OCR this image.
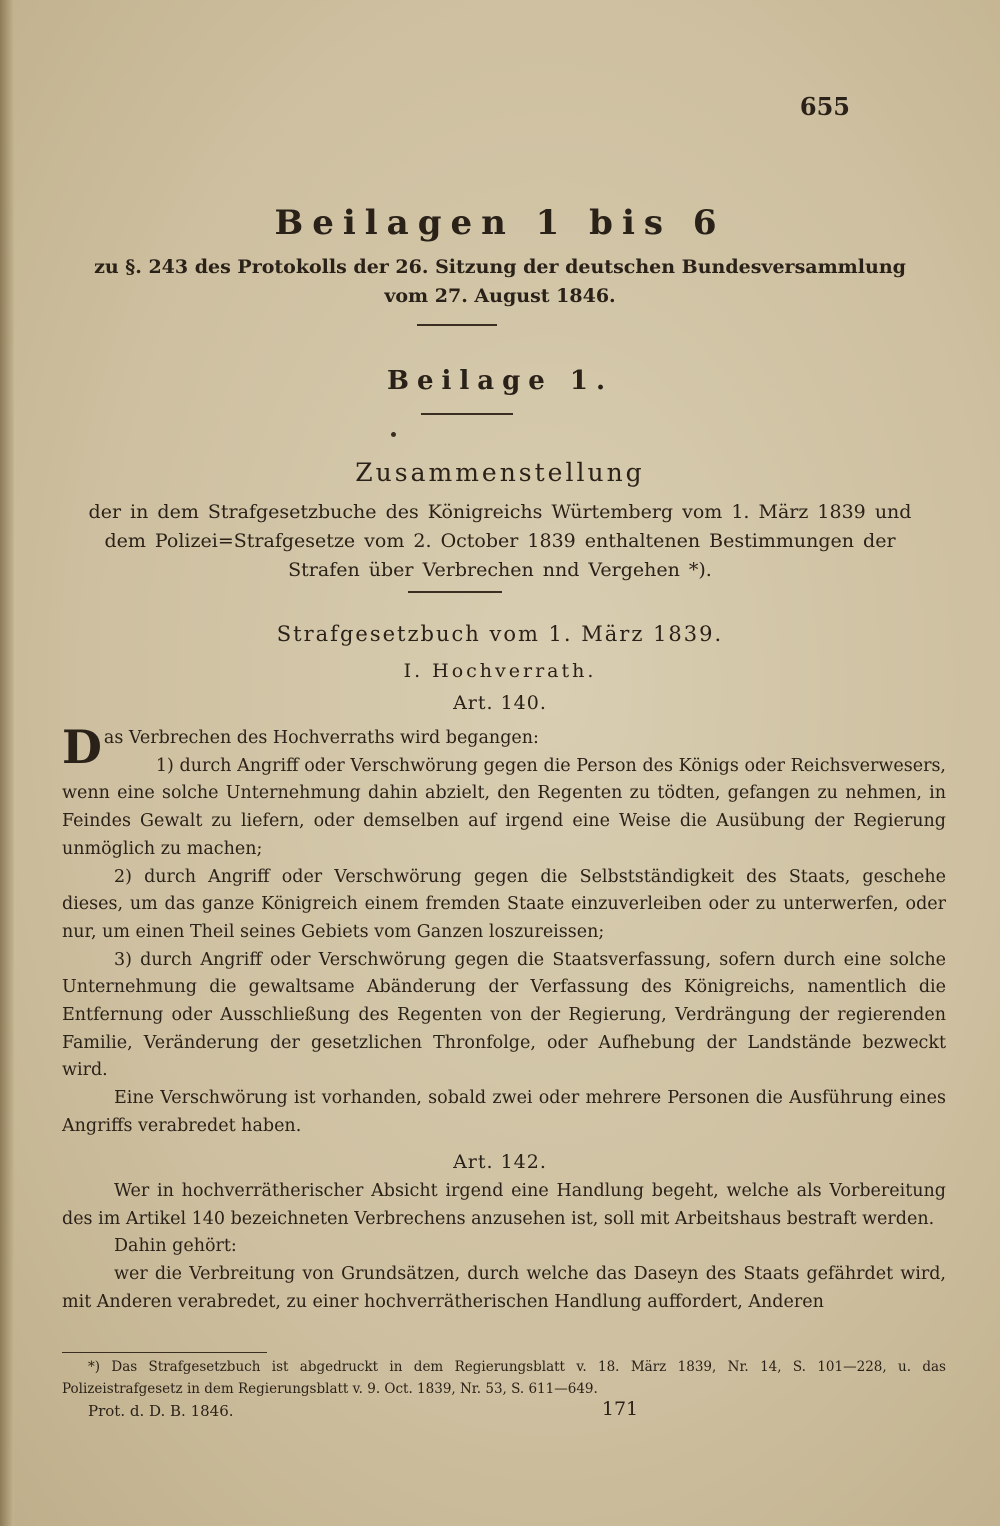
655
Beilagen 1 bis 6
zu §. 243 des Protokolls der 26. Sitzung der deutschen Bundesversammlung
vom 27. August 1846.
Beilage 1.
Zusammenstellung
der in dem Strafgesetzbuche des Königreichs Würtemberg vom 1. März 1839 und
dem Polizei=Strafgesetze vom 2. October 1839 enthaltenen Bestimmungen der
Strafen über Verbrechen nnd Vergehen *).
Strafgesetzbuch vom 1. März 1839.
I. Hochverrath.
Art. 140.

Das Verbrechen des Hochverraths wird begangen:

1) durch Angriff oder Verschwörung gegen die Person des Königs oder Reichsverwesers, wenn eine solche Unternehmung dahin abzielt, den Regenten zu tödten, gefangen zu nehmen, in Feindes Gewalt zu liefern, oder demselben auf irgend eine Weise die Ausübung der Regierung unmöglich zu machen;

2) durch Angriff oder Verschwörung gegen die Selbstständigkeit des Staats, geschehe dieses, um das ganze Königreich einem fremden Staate einzuverleiben oder zu unterwerfen, oder nur, um einen Theil seines Gebiets vom Ganzen loszureissen;

3) durch Angriff oder Verschwörung gegen die Staatsverfassung, sofern durch eine solche Unternehmung die gewaltsame Abänderung der Verfassung des Königreichs, namentlich die Entfernung oder Ausschließung des Regenten von der Regierung, Verdrängung der regierenden Familie, Veränderung der gesetzlichen Thronfolge, oder Aufhebung der Landstände bezweckt wird.

Eine Verschwörung ist vorhanden, sobald zwei oder mehrere Personen die Ausführung eines Angriffs verabredet haben.

Art. 142.

Wer in hochverrätherischer Absicht irgend eine Handlung begeht, welche als Vorbereitung des im Artikel 140 bezeichneten Verbrechens anzusehen ist, soll mit Arbeitshaus bestraft werden.

Dahin gehört:

wer die Verbreitung von Grundsätzen, durch welche das Daseyn des Staats gefährdet wird, mit Anderen verabredet, zu einer hochverrätherischen Handlung auffordert, Anderen

*) Das Strafgesetzbuch ist abgedruckt in dem Regierungsblatt v. 18. März 1839, Nr. 14, S. 101—228, u. das Polizeistrafgesetz in dem Regierungsblatt v. 9. Oct. 1839, Nr. 53, S. 611—649.

Prot. d. D. B. 1846.	171
